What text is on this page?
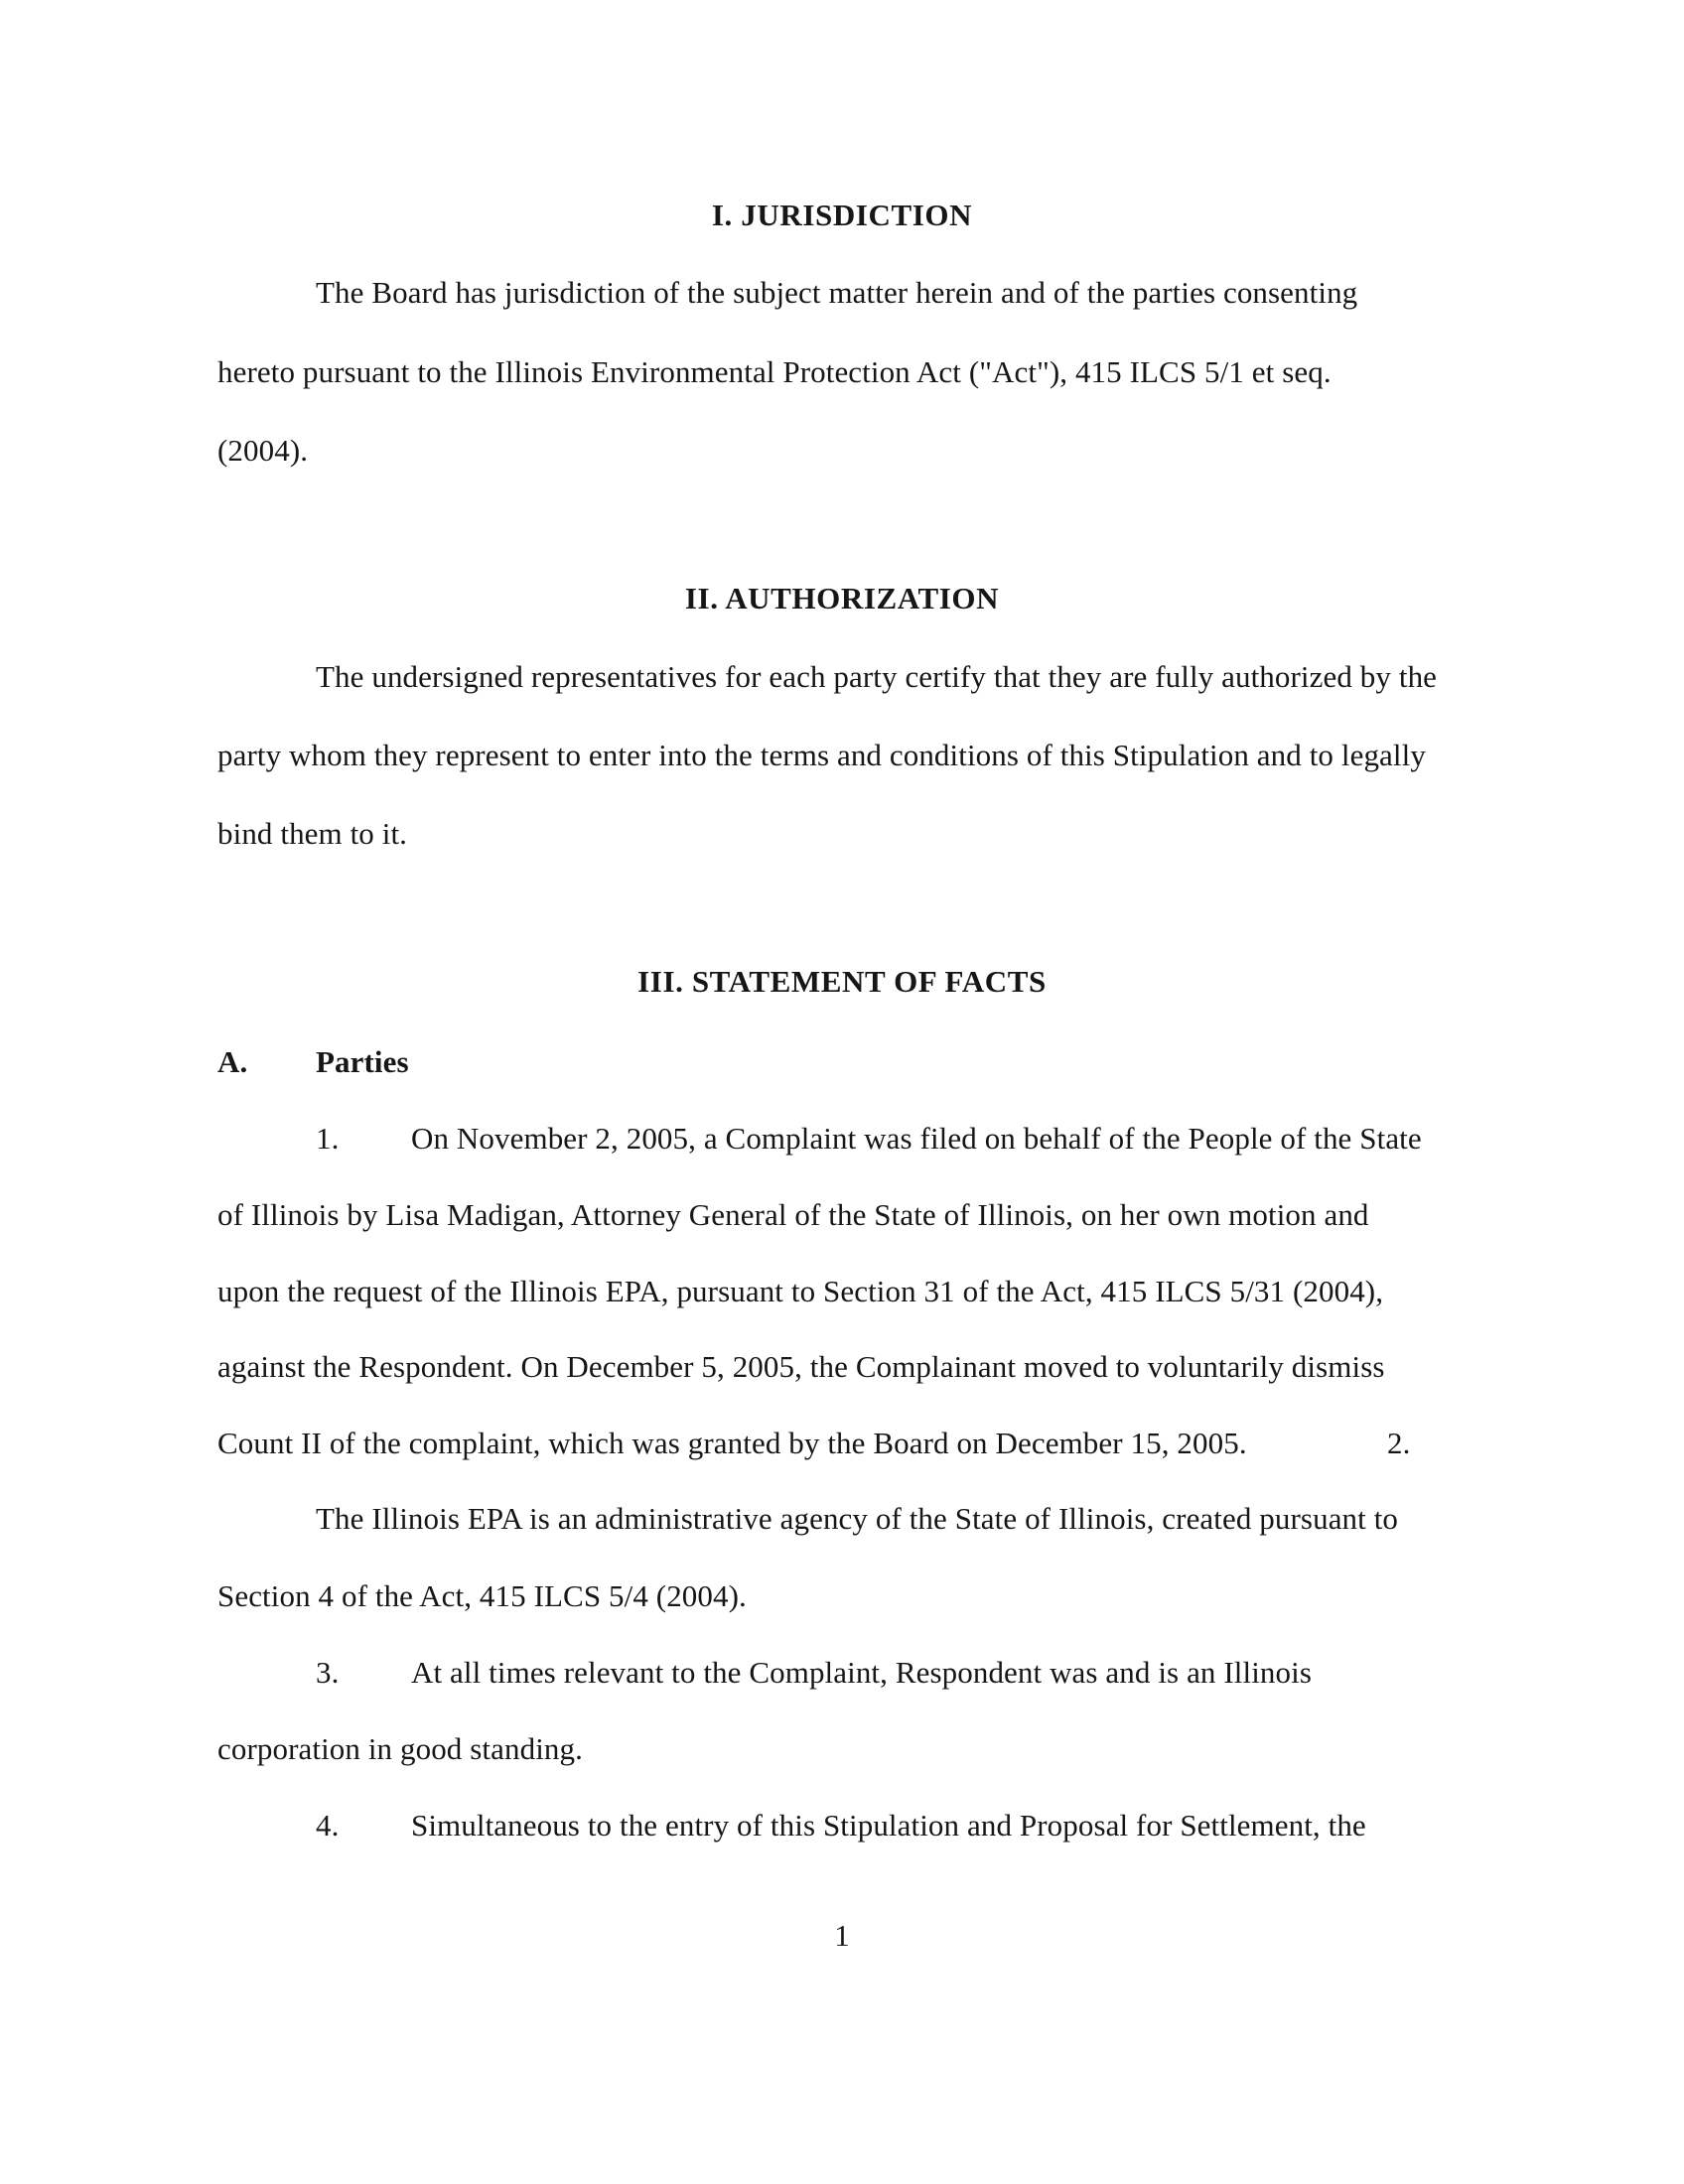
I. JURISDICTION
The Board has jurisdiction of the subject matter herein and of the parties consenting
hereto pursuant to the Illinois Environmental Protection Act ("Act"), 415 ILCS 5/1 et seq.
(2004).
II. AUTHORIZATION
The undersigned representatives for each party certify that they are fully authorized by the
party whom they represent to enter into the terms and conditions of this Stipulation and to legally
bind them to it.
III. STATEMENT OF FACTS
A. Parties
1. On November 2, 2005, a Complaint was filed on behalf of the People of the State
of Illinois by Lisa Madigan, Attorney General of the State of Illinois, on her own motion and
upon the request of the Illinois EPA, pursuant to Section 31 of the Act, 415 ILCS 5/31 (2004),
against the Respondent. On December 5, 2005, the Complainant moved to voluntarily dismiss
Count II of the complaint, which was granted by the Board on December 15, 2005.	2.
The Illinois EPA is an administrative agency of the State of Illinois, created pursuant to
Section 4 of the Act, 415 ILCS 5/4 (2004).
3. At all times relevant to the Complaint, Respondent was and is an Illinois
corporation in good standing.
4. Simultaneous to the entry of this Stipulation and Proposal for Settlement, the
1
